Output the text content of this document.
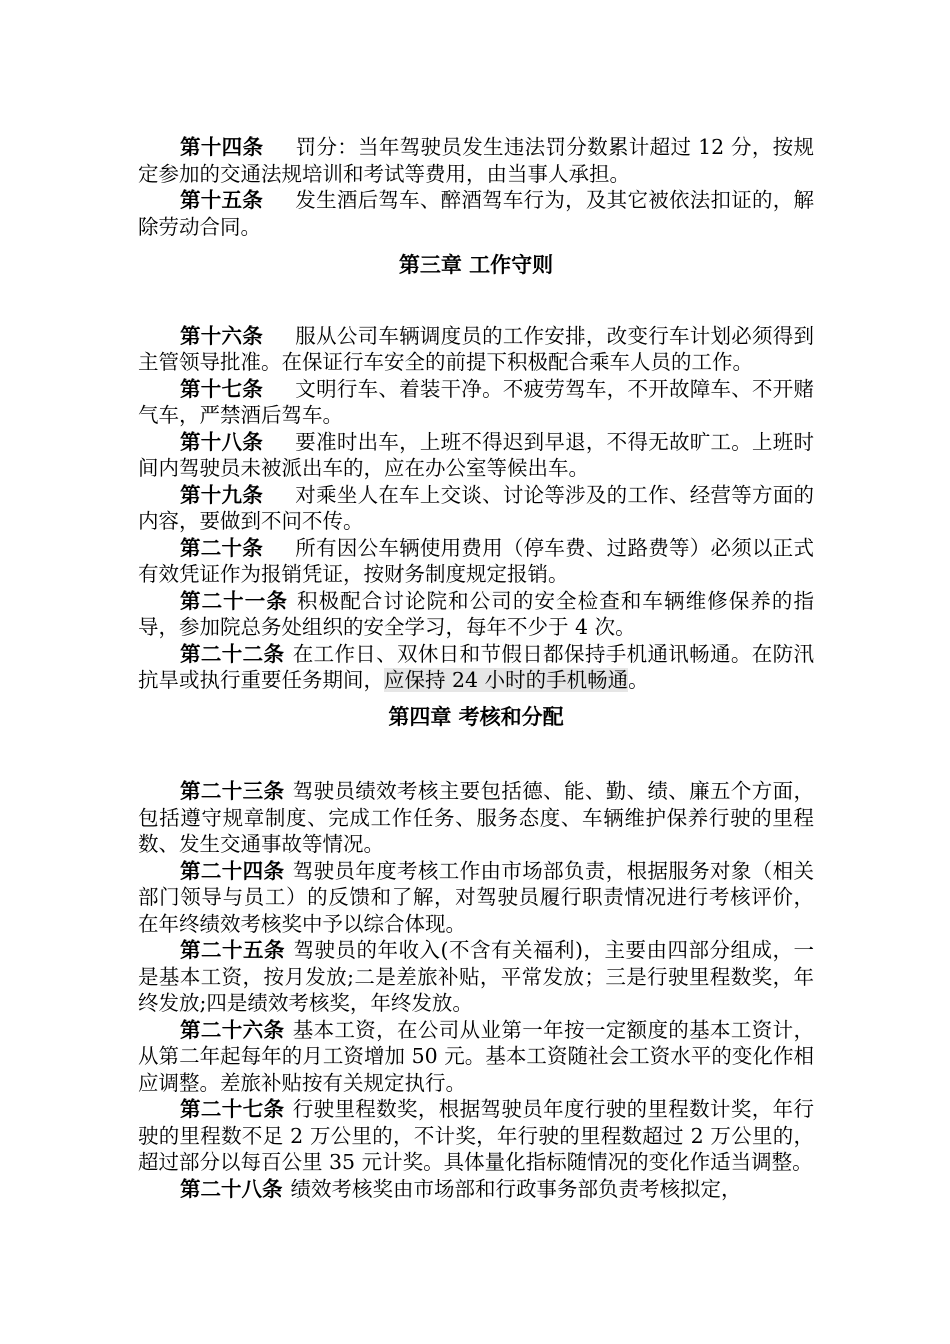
第十四条 罚分：当年驾驶员发生违法罚分数累计超过 12 分，按规定参加的交通法规培训和考试等费用，由当事人承担。

第十五条 发生酒后驾车、醉酒驾车行为，及其它被依法扣证的，解除劳动合同。

第三章 工作守则

第十六条 服从公司车辆调度员的工作安排，改变行车计划必须得到主管领导批准。在保证行车安全的前提下积极配合乘车人员的工作。

第十七条 文明行车、着装干净。不疲劳驾车，不开故障车、不开赌气车，严禁酒后驾车。

第十八条 要准时出车，上班不得迟到早退，不得无故旷工。上班时间内驾驶员未被派出车的，应在办公室等候出车。

第十九条 对乘坐人在车上交谈、讨论等涉及的工作、经营等方面的内容，要做到不问不传。

第二十条 所有因公车辆使用费用（停车费、过路费等）必须以正式有效凭证作为报销凭证，按财务制度规定报销。

第二十一条 积极配合讨论院和公司的安全检查和车辆维修保养的指导，参加院总务处组织的安全学习，每年不少于 4 次。

第二十二条 在工作日、双休日和节假日都保持手机通讯畅通。在防汛抗旱或执行重要任务期间，应保持 24 小时的手机畅通。

第四章 考核和分配

第二十三条 驾驶员绩效考核主要包括德、能、勤、绩、廉五个方面，包括遵守规章制度、完成工作任务、服务态度、车辆维护保养行驶的里程数、发生交通事故等情况。

第二十四条 驾驶员年度考核工作由市场部负责，根据服务对象（相关部门领导与员工）的反馈和了解，对驾驶员履行职责情况进行考核评价，在年终绩效考核奖中予以综合体现。

第二十五条 驾驶员的年收入(不含有关福利)，主要由四部分组成，一是基本工资，按月发放;二是差旅补贴，平常发放；三是行驶里程数奖，年终发放;四是绩效考核奖，年终发放。

第二十六条 基本工资，在公司从业第一年按一定额度的基本工资计，从第二年起每年的月工资增加 50 元。基本工资随社会工资水平的变化作相应调整。差旅补贴按有关规定执行。

第二十七条 行驶里程数奖，根据驾驶员年度行驶的里程数计奖，年行驶的里程数不足 2 万公里的，不计奖，年行驶的里程数超过 2 万公里的，超过部分以每百公里 35 元计奖。具体量化指标随情况的变化作适当调整。

第二十八条 绩效考核奖由市场部和行政事务部负责考核拟定，
